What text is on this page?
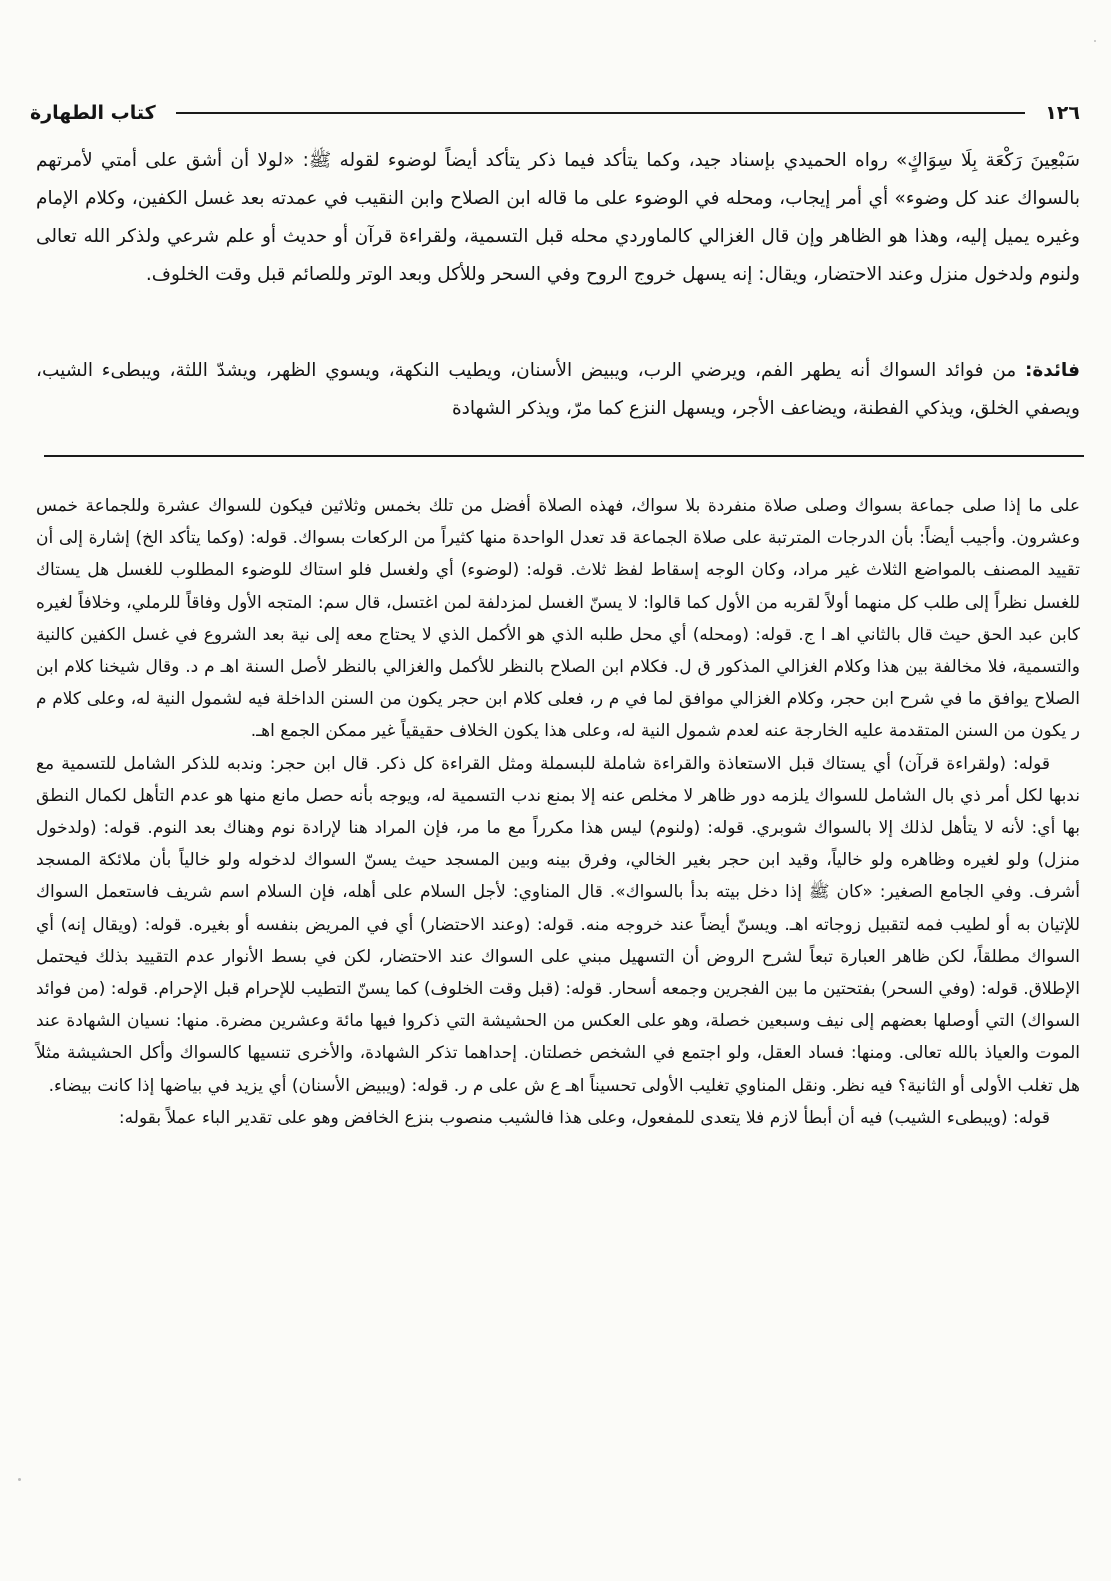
١٢٦
كتاب الطهارة

سَبْعِينَ رَكْعَة بِلَا سِوَاكٍ» رواه الحميدي بإسناد جيد، وكما يتأكد فيما ذكر يتأكد أيضاً لوضوء لقوله ﷺ: «لولا أن أشق على أمتي لأمرتهم بالسواك عند كل وضوء» أي أمر إيجاب، ومحله في الوضوء على ما قاله ابن الصلاح وابن النقيب في عمدته بعد غسل الكفين، وكلام الإمام وغيره يميل إليه، وهذا هو الظاهر وإن قال الغزالي كالماوردي محله قبل التسمية، ولقراءة قرآن أو حديث أو علم شرعي ولذكر الله تعالى ولنوم ولدخول منزل وعند الاحتضار، ويقال: إنه يسهل خروج الروح وفي السحر وللأكل وبعد الوتر وللصائم قبل وقت الخلوف.

فائدة: من فوائد السواك أنه يطهر الفم، ويرضي الرب، ويبيض الأسنان، ويطيب النكهة، ويسوي الظهر، ويشدّ اللثة، ويبطىء الشيب، ويصفي الخلق، ويذكي الفطنة، ويضاعف الأجر، ويسهل النزع كما مرّ، ويذكر الشهادة

على ما إذا صلى جماعة بسواك وصلى صلاة منفردة بلا سواك، فهذه الصلاة أفضل من تلك بخمس وثلاثين فيكون للسواك عشرة وللجماعة خمس وعشرون. وأجيب أيضاً: بأن الدرجات المترتبة على صلاة الجماعة قد تعدل الواحدة منها كثيراً من الركعات بسواك. قوله: (وكما يتأكد الخ) إشارة إلى أن تقييد المصنف بالمواضع الثلاث غير مراد، وكان الوجه إسقاط لفظ ثلاث. قوله: (لوضوء) أي ولغسل فلو استاك للوضوء المطلوب للغسل هل يستاك للغسل نظراً إلى طلب كل منهما أولاً لقربه من الأول كما قالوا: لا يسنّ الغسل لمزدلفة لمن اغتسل، قال سم: المتجه الأول وفاقاً للرملي، وخلافاً لغيره كابن عبد الحق حيث قال بالثاني اهـ ا ج. قوله: (ومحله) أي محل طلبه الذي هو الأكمل الذي لا يحتاج معه إلى نية بعد الشروع في غسل الكفين كالنية والتسمية، فلا مخالفة بين هذا وكلام الغزالي المذكور ق ل. فكلام ابن الصلاح بالنظر للأكمل والغزالي بالنظر لأصل السنة اهـ م د. وقال شيخنا كلام ابن الصلاح يوافق ما في شرح ابن حجر، وكلام الغزالي موافق لما في م ر، فعلى كلام ابن حجر يكون من السنن الداخلة فيه لشمول النية له، وعلى كلام م ر يكون من السنن المتقدمة عليه الخارجة عنه لعدم شمول النية له، وعلى هذا يكون الخلاف حقيقياً غير ممكن الجمع اهـ.

قوله: (ولقراءة قرآن) أي يستاك قبل الاستعاذة والقراءة شاملة للبسملة ومثل القراءة كل ذكر. قال ابن حجر: وندبه للذكر الشامل للتسمية مع ندبها لكل أمر ذي بال الشامل للسواك يلزمه دور ظاهر لا مخلص عنه إلا بمنع ندب التسمية له، ويوجه بأنه حصل مانع منها هو عدم التأهل لكمال النطق بها أي: لأنه لا يتأهل لذلك إلا بالسواك شوبري. قوله: (ولنوم) ليس هذا مكرراً مع ما مر، فإن المراد هنا لإرادة نوم وهناك بعد النوم. قوله: (ولدخول منزل) ولو لغيره وظاهره ولو خالياً، وقيد ابن حجر بغير الخالي، وفرق بينه وبين المسجد حيث يسنّ السواك لدخوله ولو خالياً بأن ملائكة المسجد أشرف. وفي الجامع الصغير: «كان ﷺ إذا دخل بيته بدأ بالسواك». قال المناوي: لأجل السلام على أهله، فإن السلام اسم شريف فاستعمل السواك للإتيان به أو لطيب فمه لتقبيل زوجاته اهـ. ويسنّ أيضاً عند خروجه منه. قوله: (وعند الاحتضار) أي في المريض بنفسه أو بغيره. قوله: (ويقال إنه) أي السواك مطلقاً، لكن ظاهر العبارة تبعاً لشرح الروض أن التسهيل مبني على السواك عند الاحتضار، لكن في بسط الأنوار عدم التقييد بذلك فيحتمل الإطلاق. قوله: (وفي السحر) بفتحتين ما بين الفجرين وجمعه أسحار. قوله: (قبل وقت الخلوف) كما يسنّ التطيب للإحرام قبل الإحرام. قوله: (من فوائد السواك) التي أوصلها بعضهم إلى نيف وسبعين خصلة، وهو على العكس من الحشيشة التي ذكروا فيها مائة وعشرين مضرة. منها: نسيان الشهادة عند الموت والعياذ بالله تعالى. ومنها: فساد العقل، ولو اجتمع في الشخص خصلتان. إحداهما تذكر الشهادة، والأخرى تنسيها كالسواك وأكل الحشيشة مثلاً هل تغلب الأولى أو الثانية؟ فيه نظر. ونقل المناوي تغليب الأولى تحسيناً اهـ ع ش على م ر. قوله: (ويبيض الأسنان) أي يزيد في بياضها إذا كانت بيضاء.

قوله: (ويبطىء الشيب) فيه أن أبطأ لازم فلا يتعدى للمفعول، وعلى هذا فالشيب منصوب بنزع الخافض وهو على تقدير الباء عملاً بقوله:
